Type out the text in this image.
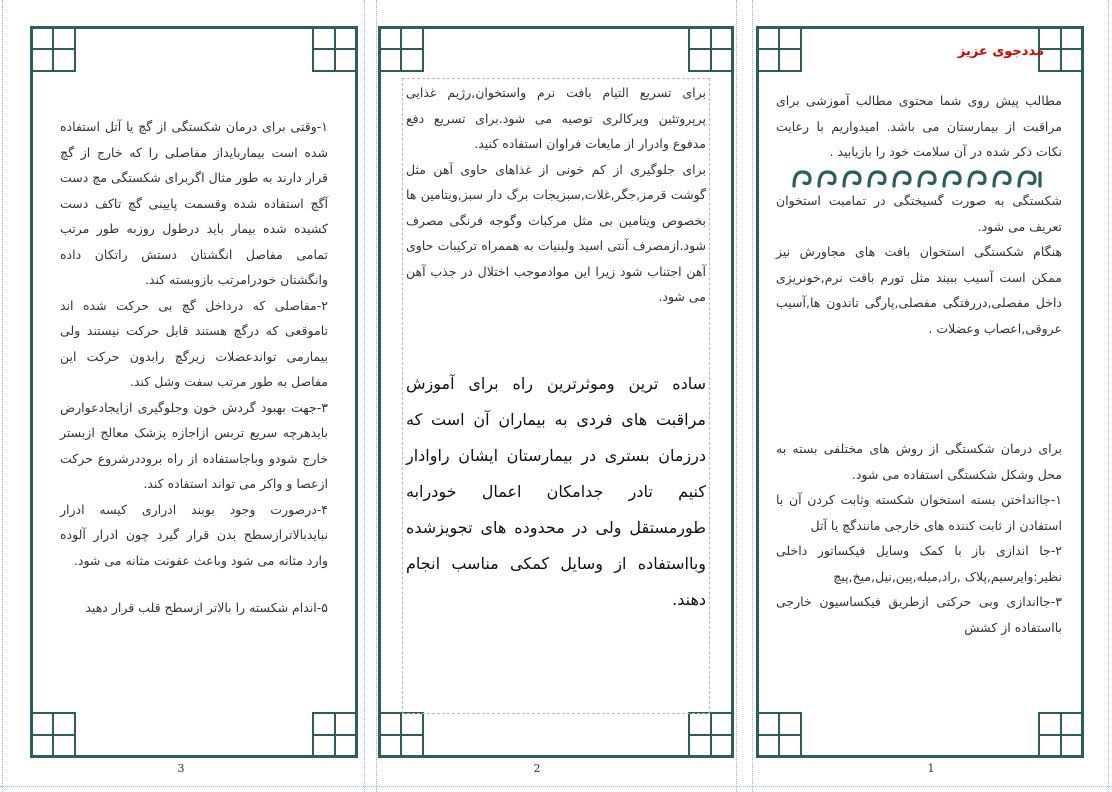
۱-وقتی برای درمان شکستگی از گچ یا آتل استفاده شده است بیماربایداز مفاصلی را که خارج از گچ قرار دارند به طور مثال اگربرای شکستگی مچ دست آگچ استفاده شده وقسمت پایینی گچ تاکف دست کشیده شده بیمار باید درطول روزبه طور مرتب تمامی مفاصل انگشتان دستش راتکان داده وانگشتان خودرامرتب بازوبسته کند.

۲-مفاصلی که درداخل گچ بی حرکت شده اند تاموقعی که درگچ هستند قابل حرکت نیستند ولی بیمارمی تواندعضلات زیرگچ رابدون حرکت این مفاصل به طور مرتب سفت وشل کند.

۳-جهت بهبود گردش خون وجلوگیری ازایجادعوارض بایدهرچه سریع تربس ازاجازه پزشک معالج ازبستر خارج شودو وباجاستفاده از راه بروددرشروع حرکت ازعصا و واکر می تواند استفاده کند.

۴-درصورت وجود بوبند ادراری کیسه ادرار نبایدبالاترازسطح بدن قرار گیرد چون ادرار آلوده وارد مثانه می شود وباعث عفونت مثانه می شود.

۵-اندام شکسته را بالاتر ازسطح قلب قرار دهید

3

برای تسریع التیام بافت نرم واستخوان,رژیم غذایی پرپروتئین وپرکالری توصیه می شود.برای تسریع دفع مدفوع وادرار از مایعات فراوان استفاده کنید.

برای جلوگیری از کم خونی از غذاهای حاوی آهن مثل گوشت قرمز,جگر,غلات,سبزیجات برگ دار سبز,ویتامین ها بخصوص ویتامین بی مثل مرکبات وگوجه فرنگی مصرف شود.ازمصرف آنتی اسید ولبنیات به هممراه ترکیبات حاوی آهن اجتناب شود زیرا این موادموجب اختلال در جذب آهن می شود.

ساده ترین وموثرترین راه برای آموزش مراقبت های فردی به بیماران آن است که درزمان بستری در بیمارستان ایشان راوادار کنیم تادر جدامکان اعمال خودرابه طورمستقل ولی در محدوده های تجویزشده وبااستفاده از وسایل کمکی مناسب انجام دهند.
2
مددجوی عزیز
مطالب پیش روی شما محتوی مطالب آموزشی برای مراقبت از بیمارستان می باشد. امیدواریم با رعایت نکات ذکر شده در آن سلامت خود را بازیابید .

شکستگی به صورت گسیختگی در تمامیت استخوان تعریف می شود.

هنگام شکستگی استخوان بافت های مجاورش نیز ممکن است آسیب ببیند مثل تورم بافت نرم,خونریزی داخل مفصلی,دررفتگی مفصلی,پارگی تاندون ها,آسیب عروقی,اعصاب وعضلات .

برای درمان شکستگی از روش های مختلفی بسته به محل وشکل شکستگی استفاده می شود.

۱-جاانداختن بسته استخوان شکسته وثابت کردن آن با استفادن از ثابت کننده های خارجی مانندگچ یا آتل

۲-جا اندازی باز با کمک وسایل فیکساتور داخلی نظیر:وایرسیم,پلاک ,راد,میله,پین,نیل,میخ,پیچ

۳-جااندازی وبی حرکتی ازطریق فیکساسیون خارجی بااستفاده از کشش

1
